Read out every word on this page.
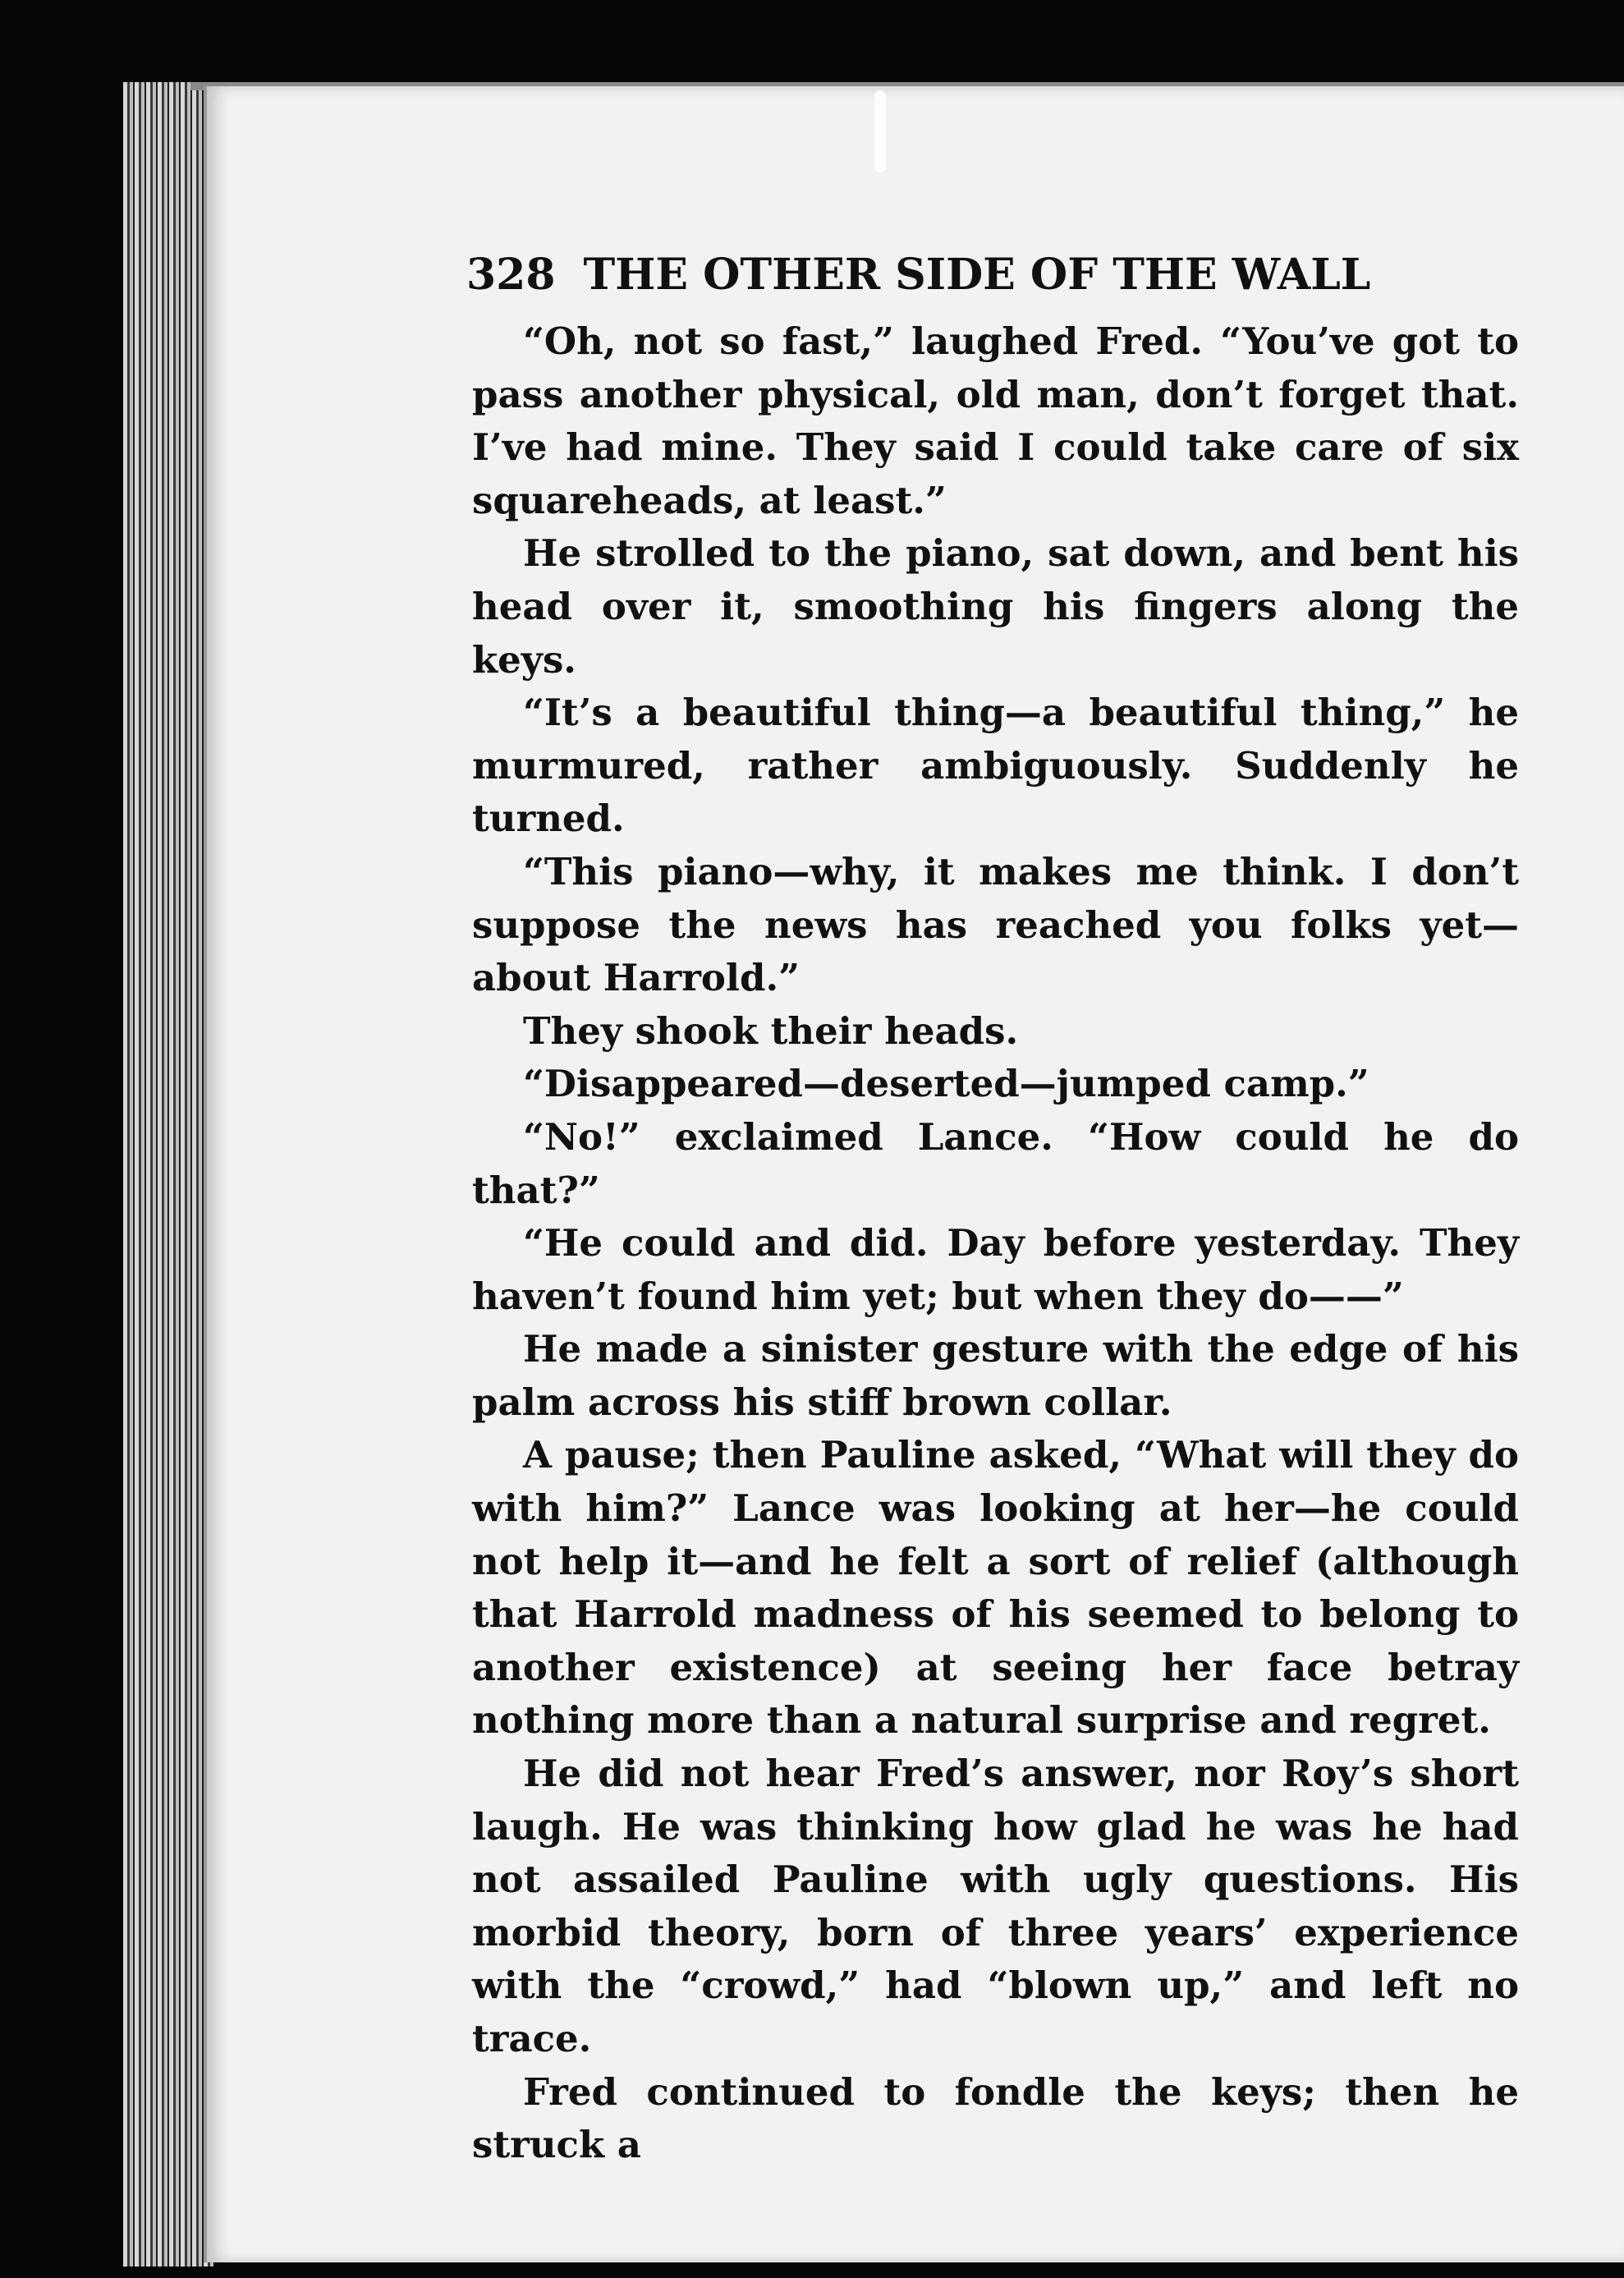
328 THE OTHER SIDE OF THE WALL

“Oh, not so fast,” laughed Fred. “You’ve got to pass another physical, old man, don’t forget that. I’ve had mine. They said I could take care of six squareheads, at least.”

He strolled to the piano, sat down, and bent his head over it, smoothing his fingers along the keys.

“It’s a beautiful thing—a beautiful thing,” he murmured, rather ambiguously. Suddenly he turned.

“This piano—why, it makes me think. I don’t suppose the news has reached you folks yet—about Harrold.”

They shook their heads.

“Disappeared—deserted—jumped camp.”

“No!” exclaimed Lance. “How could he do that?”

“He could and did. Day before yesterday. They haven’t found him yet; but when they do——”

He made a sinister gesture with the edge of his palm across his stiff brown collar.

A pause; then Pauline asked, “What will they do with him?” Lance was looking at her—he could not help it—and he felt a sort of relief (although that Harrold madness of his seemed to belong to another existence) at seeing her face betray nothing more than a natural surprise and regret.

He did not hear Fred’s answer, nor Roy’s short laugh. He was thinking how glad he was he had not assailed Pauline with ugly questions. His morbid theory, born of three years’ experience with the “crowd,” had “blown up,” and left no trace.

Fred continued to fondle the keys; then he struck a
